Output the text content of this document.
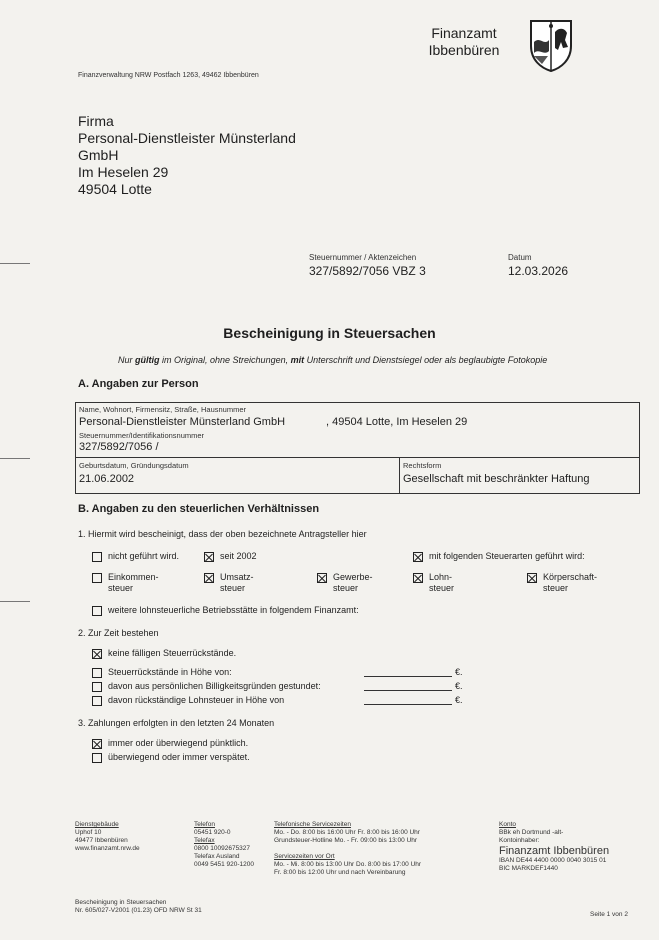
Finanzamt
Ibbenbüren
Finanzverwaltung NRW Postfach 1263, 49462 Ibbenbüren
Firma
Personal-Dienstleister Münsterland
GmbH
Im Heselen 29
49504 Lotte
Steuernummer / Aktenzeichen
327/5892/7056 VBZ 3
Datum
12.03.2026
Bescheinigung in Steuersachen
Nur gültig im Original, ohne Streichungen, mit Unterschrift und Dienstsiegel oder als beglaubigte Fotokopie
A. Angaben zur Person
Name, Wohnort, Firmensitz, Straße, Hausnummer
Personal-Dienstleister Münsterland GmbH	, 49504 Lotte, Im Heselen 29
Steuernummer/Identifikationsnummer
327/5892/7056 /
Geburtsdatum, Gründungsdatum
21.06.2002
Rechtsform
Gesellschaft mit beschränkter Haftung
B. Angaben zu den steuerlichen Verhältnissen
1. Hiermit wird bescheinigt, dass der oben bezeichnete Antragsteller hier
nicht geführt wird.	seit 2002	mit folgenden Steuerarten geführt wird:
Einkommen-
steuer
Umsatz-
steuer
Gewerbe-
steuer
Lohn-
steuer
Körperschaft-
steuer
weitere lohnsteuerliche Betriebsstätte in folgendem Finanzamt:
2. Zur Zeit bestehen
keine fälligen Steuerrückstände.
Steuerrückstände in Höhe von:
davon aus persönlichen Billigkeitsgründen gestundet:
davon rückständige Lohnsteuer in Höhe von
€.
€.
€.
3. Zahlungen erfolgten in den letzten 24 Monaten
immer oder überwiegend pünktlich.
überwiegend oder immer verspätet.
Dienstgebäude
Uphof 10
49477 Ibbenbüren
www.finanzamt.nrw.de
Telefon
05451 920-0
Telefax
0800 10092675327
Telefax Ausland
0049 5451 920-1200
Telefonische Servicezeiten
Mo. - Do. 8:00 bis 16:00 Uhr Fr. 8:00 bis 16:00 Uhr
Grundsteuer-Hotline Mo. - Fr. 09:00 bis 13:00 Uhr
Servicezeiten vor Ort
Mo. - Mi. 8:00 bis 13:00 Uhr Do. 8:00 bis 17:00 Uhr
Fr. 8:00 bis 12:00 Uhr und nach Vereinbarung
Konto
BBk eh Dortmund -alt-
Kontoinhaber:
Finanzamt Ibbenbüren
IBAN DE44 4400 0000 0040 3015 01
BIC MARKDEF1440
Bescheinigung in Steuersachen
Nr. 605/027-V2001 (01.23) OFD NRW St 31
Seite 1 von 2
